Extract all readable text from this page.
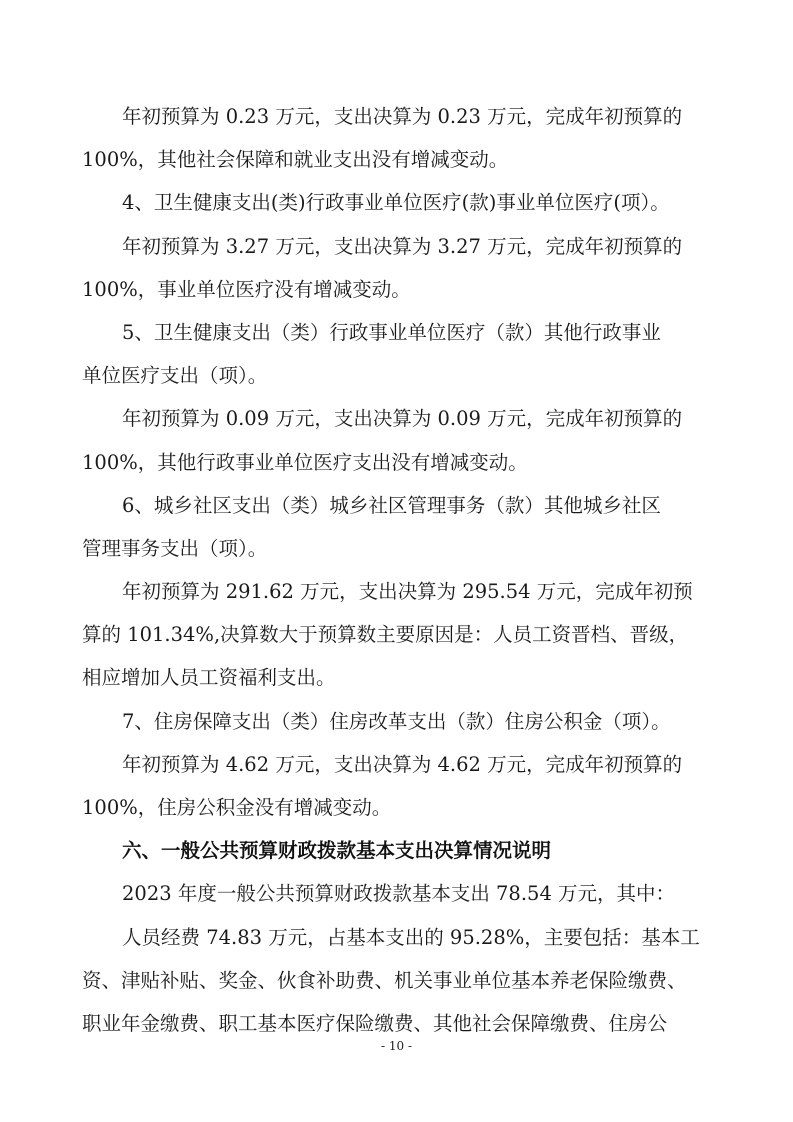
年初预算为 0.23 万元，支出决算为 0.23 万元，完成年初预算的
100%，其他社会保障和就业支出没有增减变动。
4、卫生健康支出(类)行政事业单位医疗(款)事业单位医疗(项）。
年初预算为 3.27 万元，支出决算为 3.27 万元，完成年初预算的
100%，事业单位医疗没有增减变动。
5、卫生健康支出（类）行政事业单位医疗（款）其他行政事业
单位医疗支出（项）。
年初预算为 0.09 万元，支出决算为 0.09 万元，完成年初预算的
100%，其他行政事业单位医疗支出没有增减变动。
6、城乡社区支出（类）城乡社区管理事务（款）其他城乡社区
管理事务支出（项）。
年初预算为 291.62 万元，支出决算为 295.54 万元，完成年初预
算的 101.34%,决算数大于预算数主要原因是：人员工资晋档、晋级，
相应增加人员工资福利支出。
7、住房保障支出（类）住房改革支出（款）住房公积金（项）。
年初预算为 4.62 万元，支出决算为 4.62 万元，完成年初预算的
100%，住房公积金没有增减变动。
六、一般公共预算财政拨款基本支出决算情况说明
2023 年度一般公共预算财政拨款基本支出 78.54 万元，其中：
人员经费 74.83 万元，占基本支出的 95.28%，主要包括：基本工
资、津贴补贴、奖金、伙食补助费、机关事业单位基本养老保险缴费、
职业年金缴费、职工基本医疗保险缴费、其他社会保障缴费、住房公
- 10 -
